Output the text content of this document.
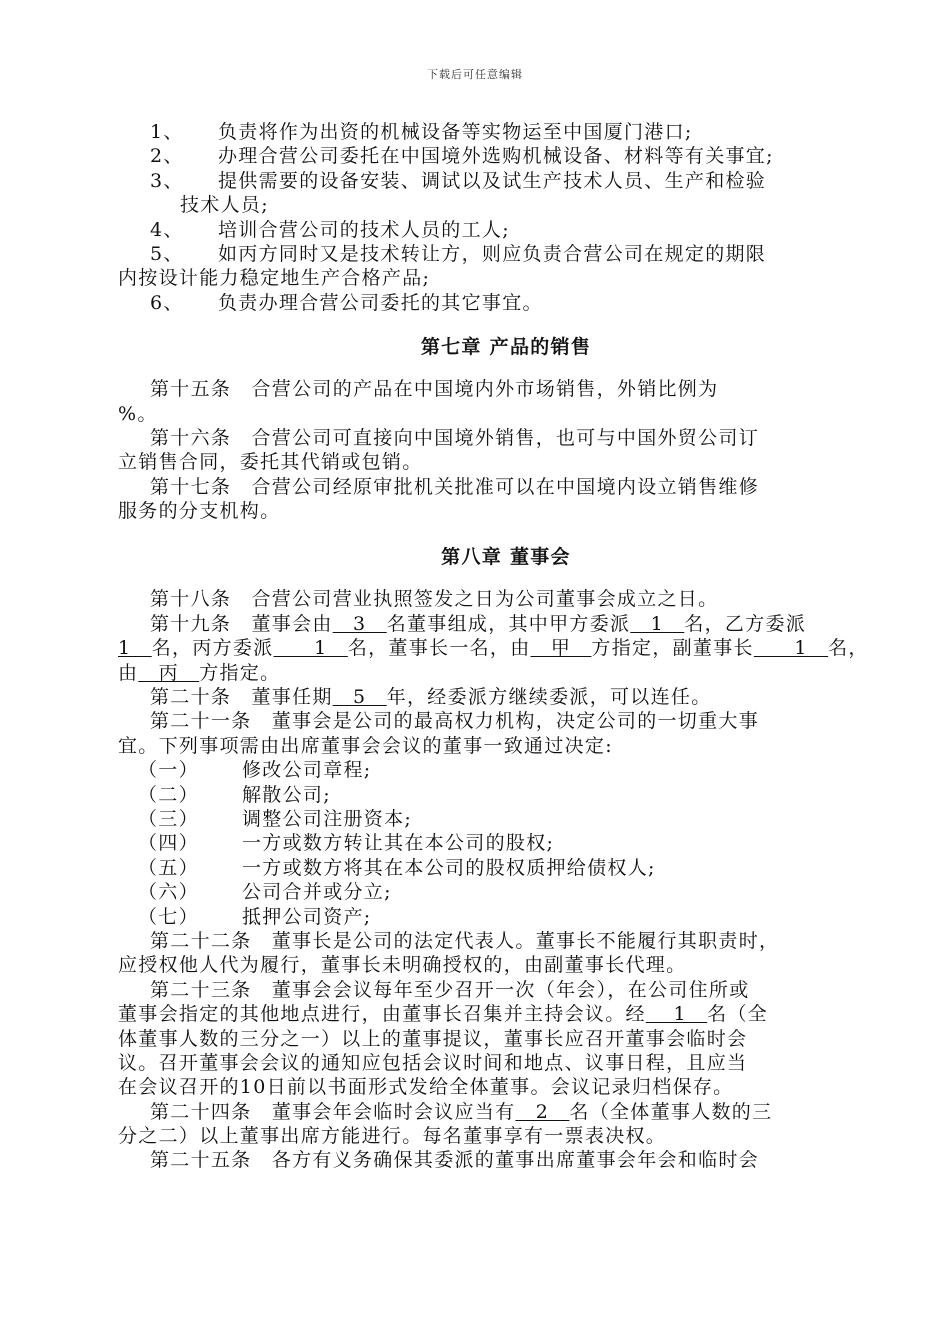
下载后可任意编辑
1、 负责将作为出资的机械设备等实物运至中国厦门港口;
2、 办理合营公司委托在中国境外选购机械设备、材料等有关事宜;
3、 提供需要的设备安装、调试以及试生产技术人员、生产和检验
技术人员;
4、 培训合营公司的技术人员的工人;
5、 如丙方同时又是技术转让方，则应负责合营公司在规定的期限
内按设计能力稳定地生产合格产品;
6、 负责办理合营公司委托的其它事宜。
第七章 产品的销售
第十五条　合营公司的产品在中国境内外市场销售，外销比例为
%。
第十六条　合营公司可直接向中国境外销售，也可与中国外贸公司订
立销售合同，委托其代销或包销。
第十七条　合营公司经原审批机关批准可以在中国境内设立销售维修
服务的分支机构。
第八章 董事会
第十八条　合营公司营业执照签发之日为公司董事会成立之日。
第十九条　董事会由　3　名董事组成，其中甲方委派　1　名，乙方委派
1　名，丙方委派　　1　名，董事长一名，由　甲　方指定，副董事长　　1　名，
由　丙　方指定。
第二十条　董事任期　5　年，经委派方继续委派，可以连任。
第二十一条　董事会是公司的最高权力机构，决定公司的一切重大事
宜。下列事项需由出席董事会会议的董事一致通过决定:
（一） 修改公司章程;
（二） 解散公司;
（三） 调整公司注册资本;
（四） 一方或数方转让其在本公司的股权;
（五） 一方或数方将其在本公司的股权质押给债权人;
（六） 公司合并或分立;
（七） 抵押公司资产;
第二十二条　董事长是公司的法定代表人。董事长不能履行其职责时，
应授权他人代为履行，董事长未明确授权的，由副董事长代理。
第二十三条　董事会会议每年至少召开一次（年会），在公司住所或
董事会指定的其他地点进行，由董事长召集并主持会议。经　 1　名（全
体董事人数的三分之一）以上的董事提议，董事长应召开董事会临时会
议。召开董事会会议的通知应包括会议时间和地点、议事日程，且应当
在会议召开的10日前以书面形式发给全体董事。会议记录归档保存。
第二十四条　董事会年会临时会议应当有　2　名（全体董事人数的三
分之二）以上董事出席方能进行。每名董事享有一票表决权。
第二十五条　各方有义务确保其委派的董事出席董事会年会和临时会
